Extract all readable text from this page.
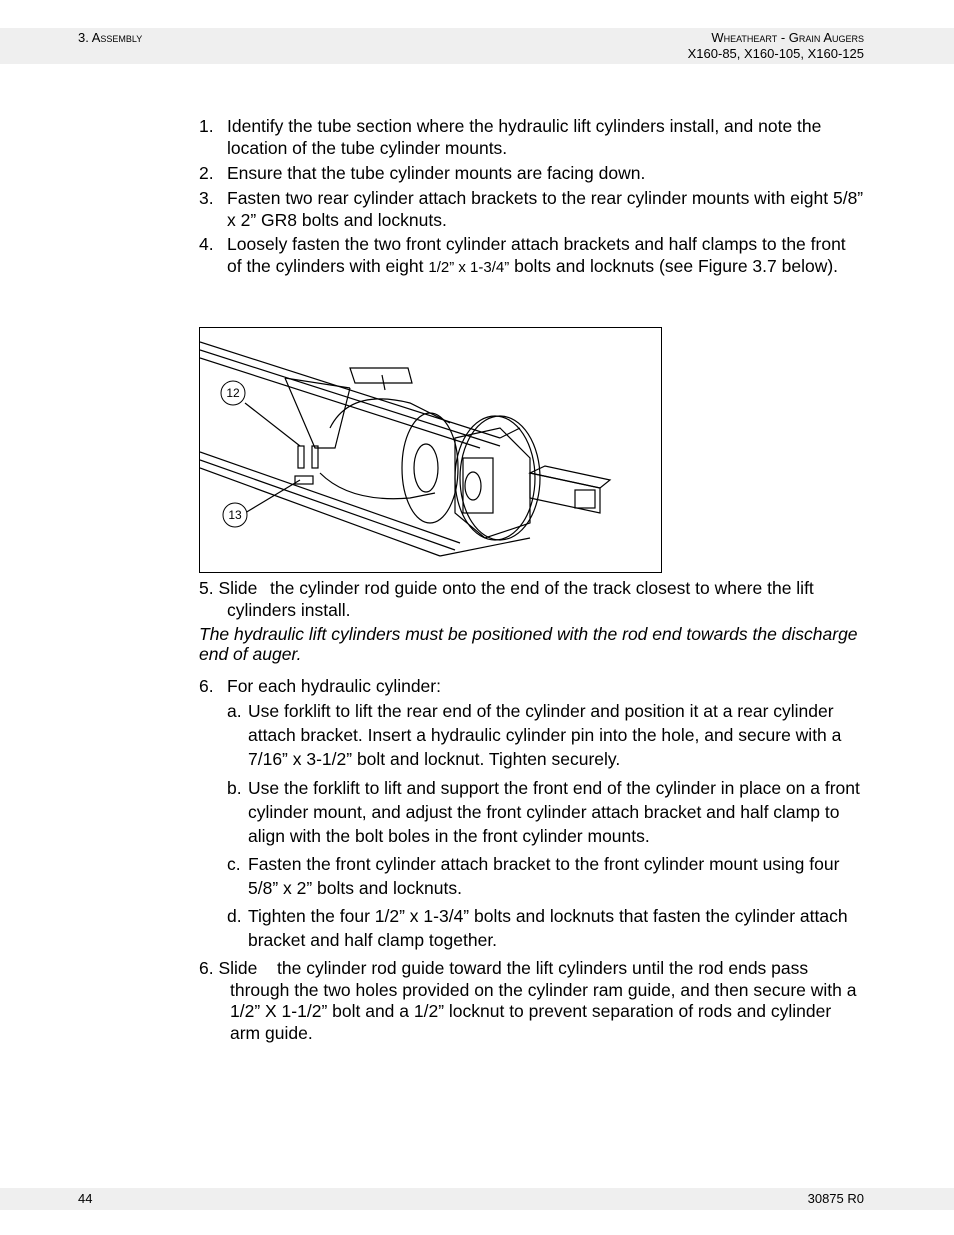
3. Assembly	Wheatheart - Grain Augers
X160-85, X160-105, X160-125
1. Identify the tube section where the hydraulic lift cylinders install, and note the location of the tube cylinder mounts.
2. Ensure that the tube cylinder mounts are facing down.
3. Fasten two rear cylinder attach brackets to the rear cylinder mounts with eight 5/8” x 2” GR8 bolts and locknuts.
4. Loosely fasten the two front cylinder attach brackets and half clamps to the front of the cylinders with eight 1/2” x 1-3/4” bolts and locknuts (see Figure 3.7 below).
12
13
5. Slide the cylinder rod guide onto the end of the track closest to where the lift cylinders install.
The hydraulic lift cylinders must be positioned with the rod end towards the discharge end of auger.
6. For each hydraulic cylinder:
a. Use forklift to lift the rear end of the cylinder and position it at a rear cylinder attach bracket. Insert a hydraulic cylinder pin into the hole, and secure with a 7/16” x 3-1/2” bolt and locknut. Tighten securely.
b. Use the forklift to lift and support the front end of the cylinder in place on a front cylinder mount, and adjust the front cylinder attach bracket and half clamp to align with the bolt boles in the front cylinder mounts.
c. Fasten the front cylinder attach bracket to the front cylinder mount using four 5/8” x 2” bolts and locknuts.
d. Tighten the four 1/2” x 1-3/4” bolts and locknuts that fasten the cylinder attach bracket and half clamp together.
6. Slide	the cylinder rod guide toward the lift cylinders until the rod ends pass through the two holes provided on the cylinder ram guide, and then secure with a 1/2” X 1-1/2” bolt and a 1/2” locknut to prevent separation of rods and cylinder arm guide.
44	30875 R0
